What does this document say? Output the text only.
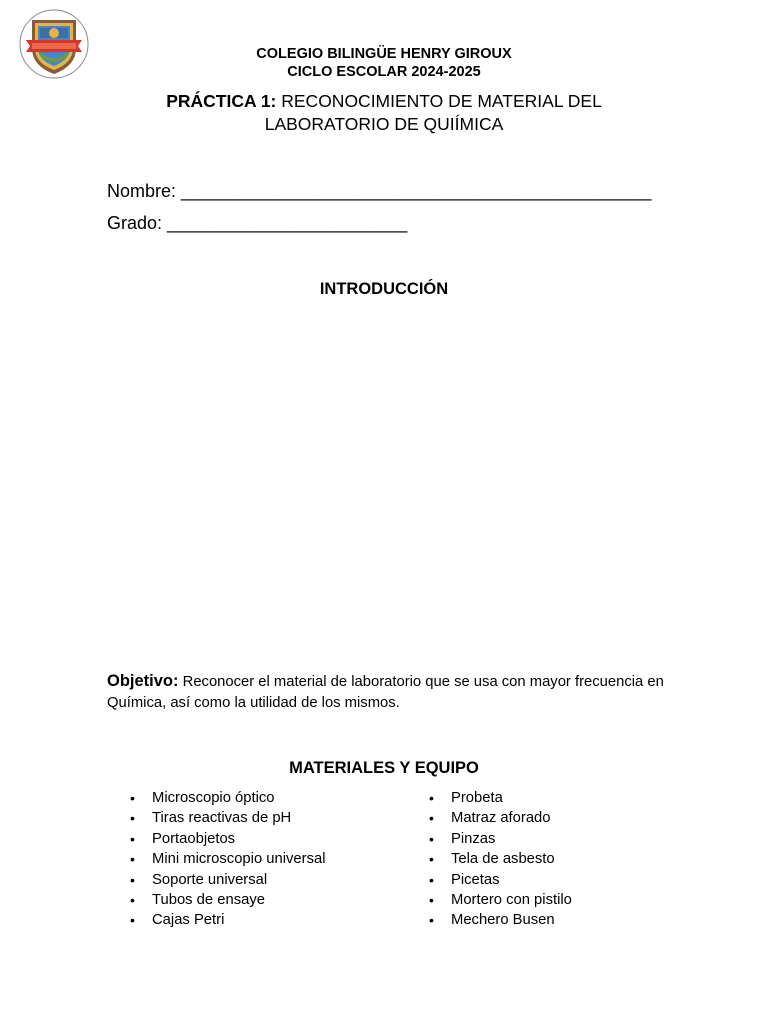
COLEGIO BILINGÜE HENRY GIROUX
CICLO ESCOLAR 2024-2025
PRÁCTICA 1: RECONOCIMIENTO DE MATERIAL DEL
LABORATORIO DE QUIÍMICA
Nombre: _______________________________________________
Grado: ________________________
INTRODUCCIÓN
Objetivo: Reconocer el material de laboratorio que se usa con mayor frecuencia en Química, así como la utilidad de los mismos.
MATERIALES Y EQUIPO
• Microscopio óptico
• Tiras reactivas de pH
• Portaobjetos
• Mini microscopio universal
• Soporte universal
• Tubos de ensaye
• Cajas Petri
• Probeta
• Matraz aforado
• Pinzas
• Tela de asbesto
• Picetas
• Mortero con pistilo
• Mechero Busen
